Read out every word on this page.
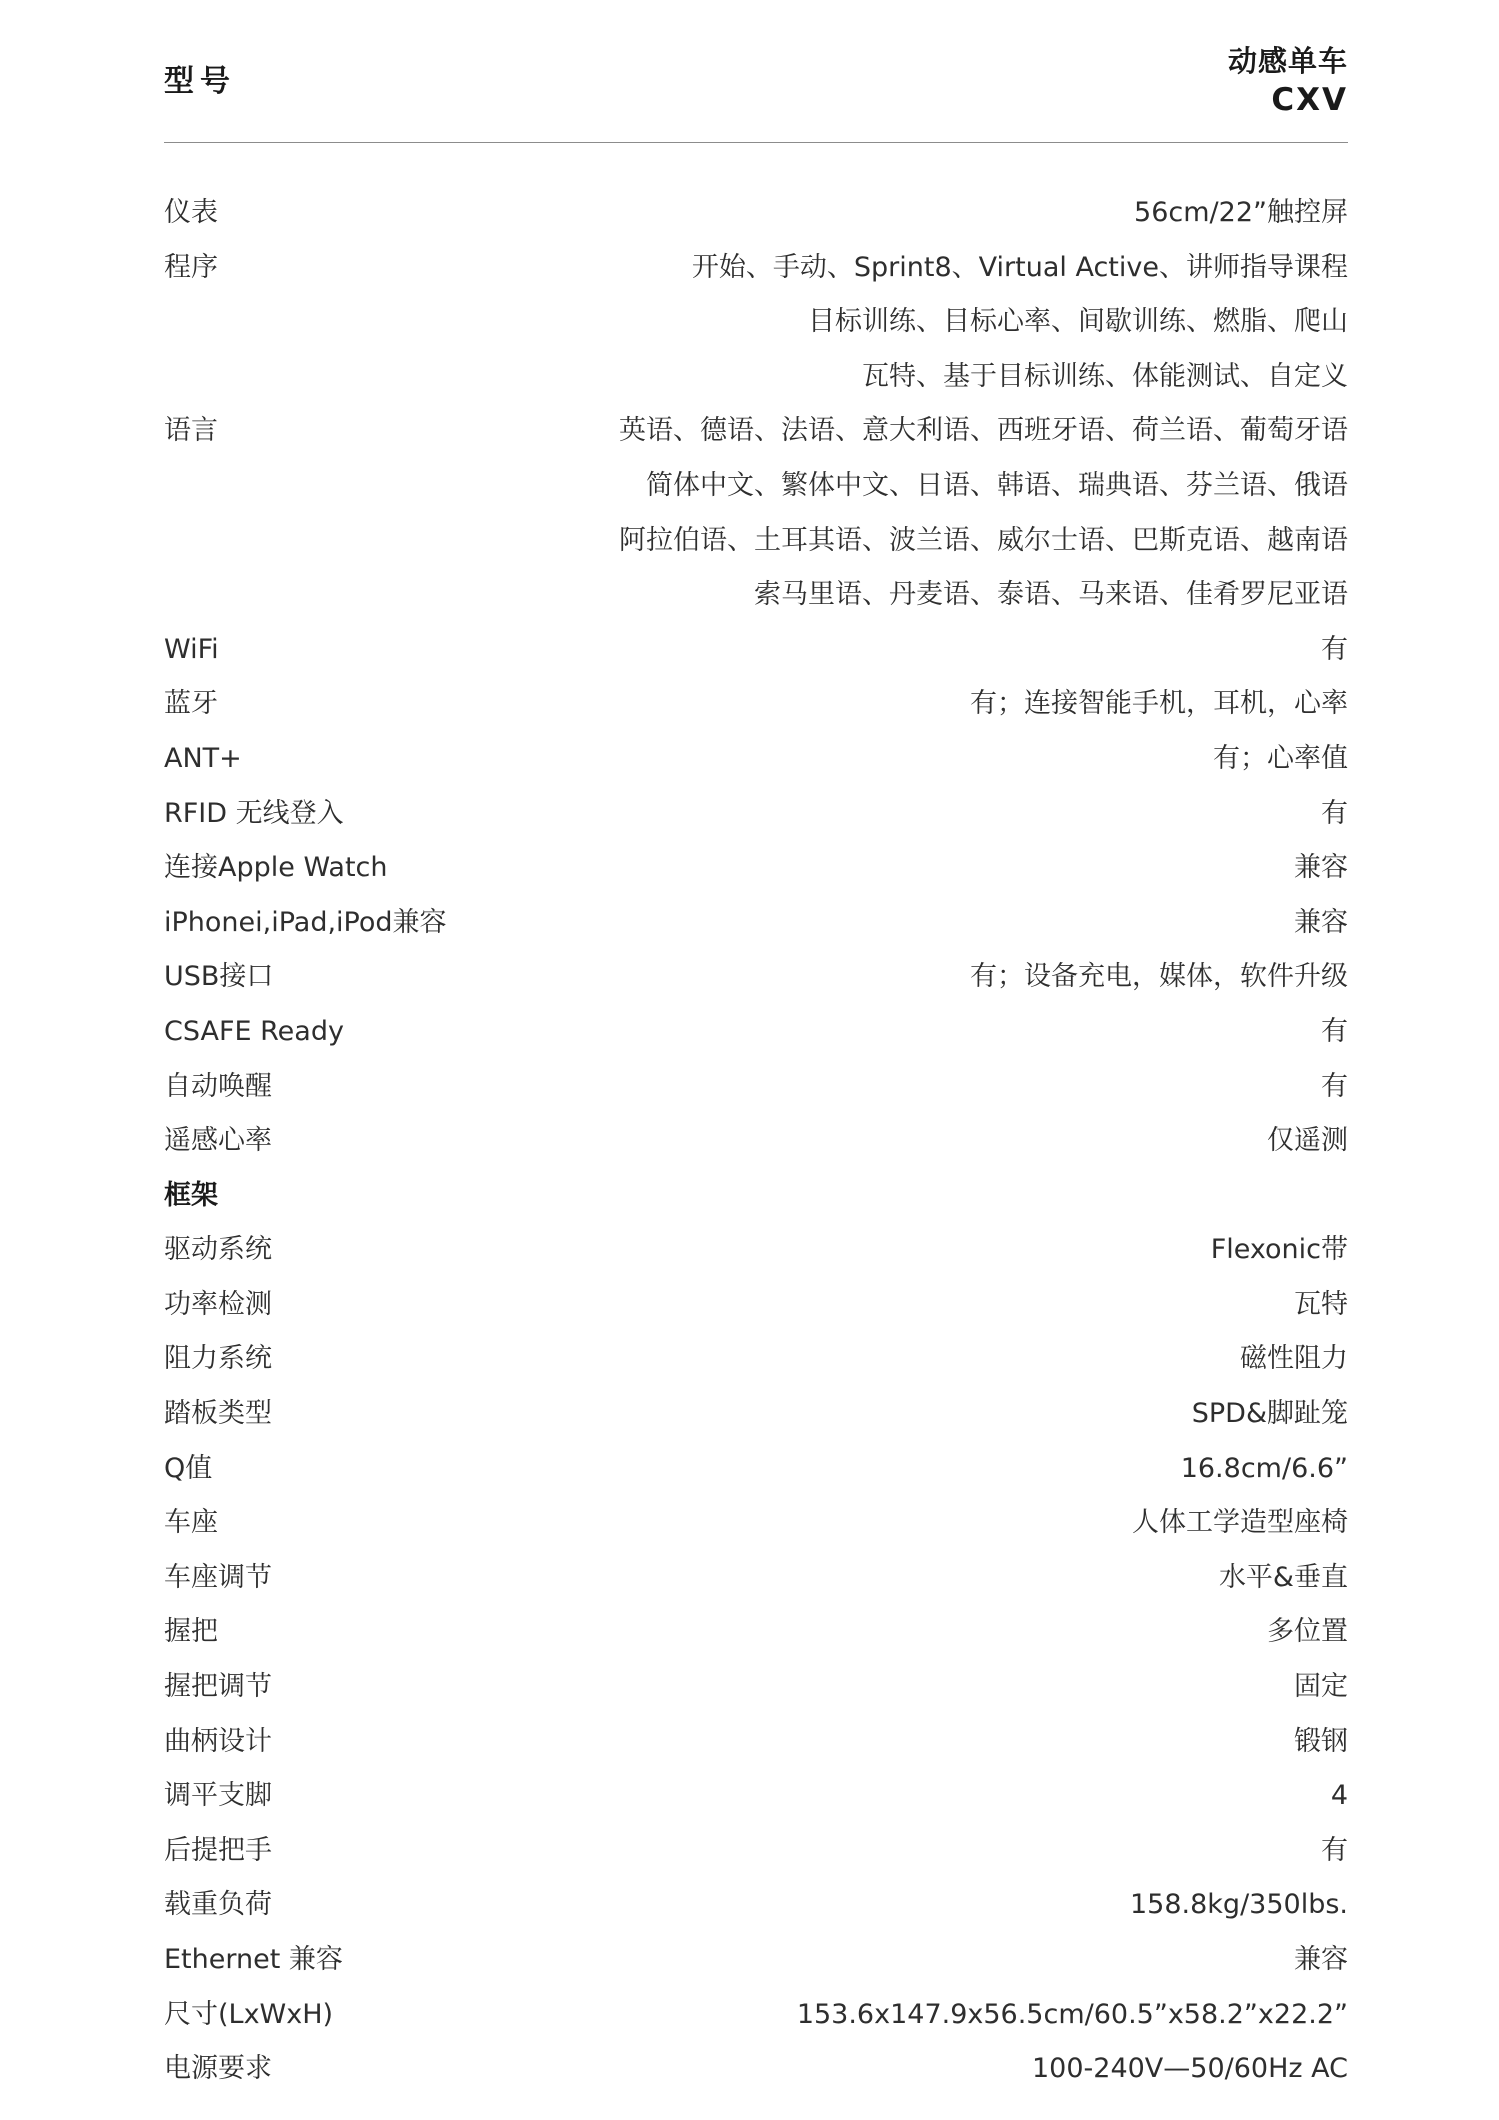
型号
动感单车
CXV
仪表	56cm/22”触控屏
程序	开始、手动、Sprint8、Virtual Active、讲师指导课程
目标训练、目标心率、间歇训练、燃脂、爬山
瓦特、基于目标训练、体能测试、自定义
语言	英语、德语、法语、意大利语、西班牙语、荷兰语、葡萄牙语
简体中文、繁体中文、日语、韩语、瑞典语、芬兰语、俄语
阿拉伯语、土耳其语、波兰语、威尔士语、巴斯克语、越南语
索马里语、丹麦语、泰语、马来语、佳肴罗尼亚语
WiFi	有
蓝牙	有；连接智能手机，耳机，心率
ANT+	有；心率值
RFID 无线登入	有
连接Apple Watch	兼容
iPhonei,iPad,iPod兼容	兼容
USB接口	有；设备充电，媒体，软件升级
CSAFE Ready	有
自动唤醒	有
遥感心率	仅遥测
框架
驱动系统	Flexonic带
功率检测	瓦特
阻力系统	磁性阻力
踏板类型	SPD&脚趾笼
Q值	16.8cm/6.6”
车座	人体工学造型座椅
车座调节	水平&垂直
握把	多位置
握把调节	固定
曲柄设计	锻钢
调平支脚	4
后提把手	有
载重负荷	158.8kg/350lbs.
Ethernet 兼容	兼容
尺寸(LxWxH)	153.6x147.9x56.5cm/60.5”x58.2”x22.2”
电源要求	100-240V—50/60Hz AC
